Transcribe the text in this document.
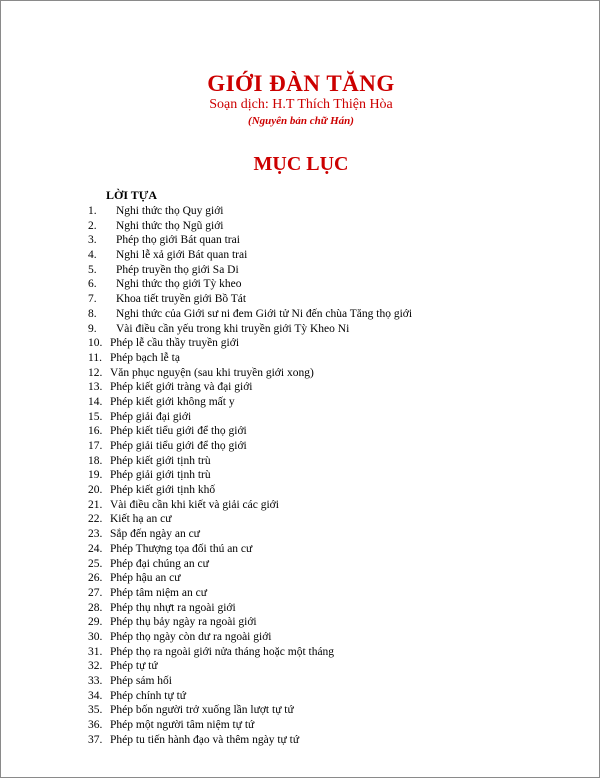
GIỚI ĐÀN TĂNG
Soạn dịch: H.T Thích Thiện Hòa
(Nguyên bản chữ Hán)
MỤC LỤC
LỜI TỰA
1.	Nghi thức thọ Quy giới
2.	Nghi thức thọ Ngũ giới
3.	Phép thọ giới Bát quan trai
4.	Nghi lễ xả giới Bát quan trai
5.	Phép truyền thọ giới Sa Di
6.	Nghi thức thọ giới Tỳ kheo
7.	Khoa tiết truyền giới Bồ Tát
8.	Nghi thức của Giới sư ni đem Giới tử Ni đến chùa Tăng thọ giới
9.	Vài điều cần yếu trong khi truyền giới Tỳ Kheo Ni
10. Phép lễ cầu thầy truyền giới
11. Phép bạch lễ tạ
12. Văn phục nguyện (sau khi truyền giới xong)
13. Phép kiết giới tràng và đại giới
14. Phép kiết giới không mất y
15. Phép giải đại giới
16. Phép kiết tiểu giới để thọ giới
17. Phép giải tiểu giới để thọ giới
18. Phép kiết giới tịnh trù
19. Phép giải giới tịnh trù
20. Phép kiết giới tịnh khố
21. Vài điều cần khi kiết và giải các giới
22. Kiết hạ an cư
23. Sắp đến ngày an cư
24. Phép Thượng tọa đối thú an cư
25. Phép đại chúng an cư
26. Phép hậu an cư
27. Phép tâm niệm an cư
28. Phép thụ nhựt ra ngoài giới
29. Phép thụ bảy ngày ra ngoài giới
30. Phép thọ ngày còn dư ra ngoài giới
31. Phép thọ ra ngoài giới nửa tháng hoặc một tháng
32. Phép tự tứ
33. Phép sám hối
34. Phép chính tự tứ
35. Phép bốn người trở xuống lần lượt tự tứ
36. Phép một người tâm niệm tự tứ
37. Phép tu tiến hành đạo và thêm ngày tự tứ
